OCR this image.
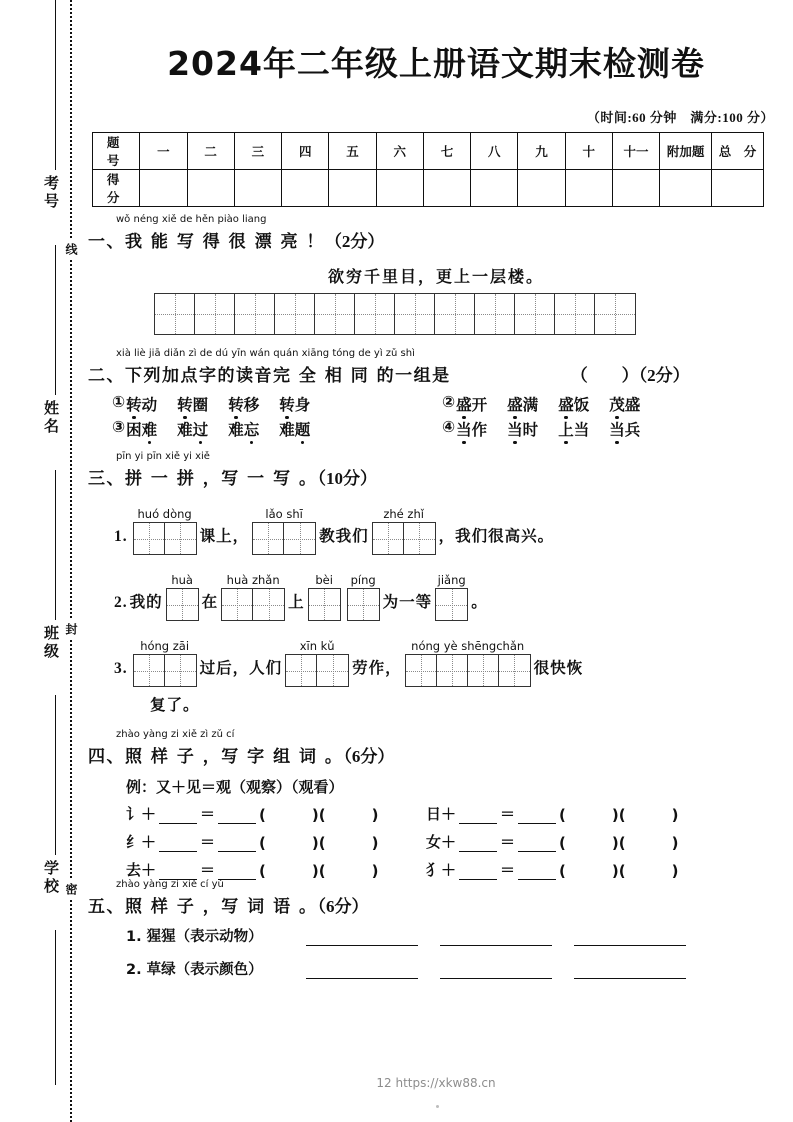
考号
姓名
班级
学校
线
封
密
2024年二年级上册语文期末检测卷
（时间:60 分钟　满分:100 分）
题　号	一	二	三	四	五	六	七	八	九	十	十一	附加题	总　分
得　分													
wǒ néng xiě de hěn piào liang
一、我 能 写 得 很 漂 亮 ！（2分）
欲穷千里目，更上一层楼。
xià liè jiā diǎn zì de dú yīn wán quán xiāng tóng de yì zǔ shì
二、下列加点字的读音完 全 相 同 的一组是	（　　）（2分）
① 转动 转圈 转移 转身	② 盛开 盛满 盛饭 茂盛
③ 困难 难过 难忘 难题	④ 当作 当时 上当 当兵
pīn yi pīn xiě yi xiě
三、拼 一 拼 ，写 一 写 。（10分）
1.
huó dòng
课上，
lǎo shī
教我们
zhé zhǐ
，我们很高兴。
2. 我的
huà
在
huà zhǎn
上
bèi	píng
为一等
jiǎng
。
3.
hóng zāi
过后，人们
xīn kǔ
劳作，
nóng yè shēngchǎn
很快恢
复了。
zhào yàng zi xiě zì zǔ cí
四、照 样 子 ，写 字 组 词 。（6分）
例：又＋见＝观（观察）（观看）
讠＋	＝	(	)(	)	日＋	＝	(	)(	)
纟＋	＝	(	)(	)	女＋	＝	(	)(	)
去＋	＝	(	)(	)	犭＋	＝	(	)(	)
zhào yàng zi xiě cí yǔ
五、照 样 子 ，写 词 语 。（6分）
1. 猩猩（表示动物）
2. 草绿（表示颜色）
12 https://xkw88.cn
